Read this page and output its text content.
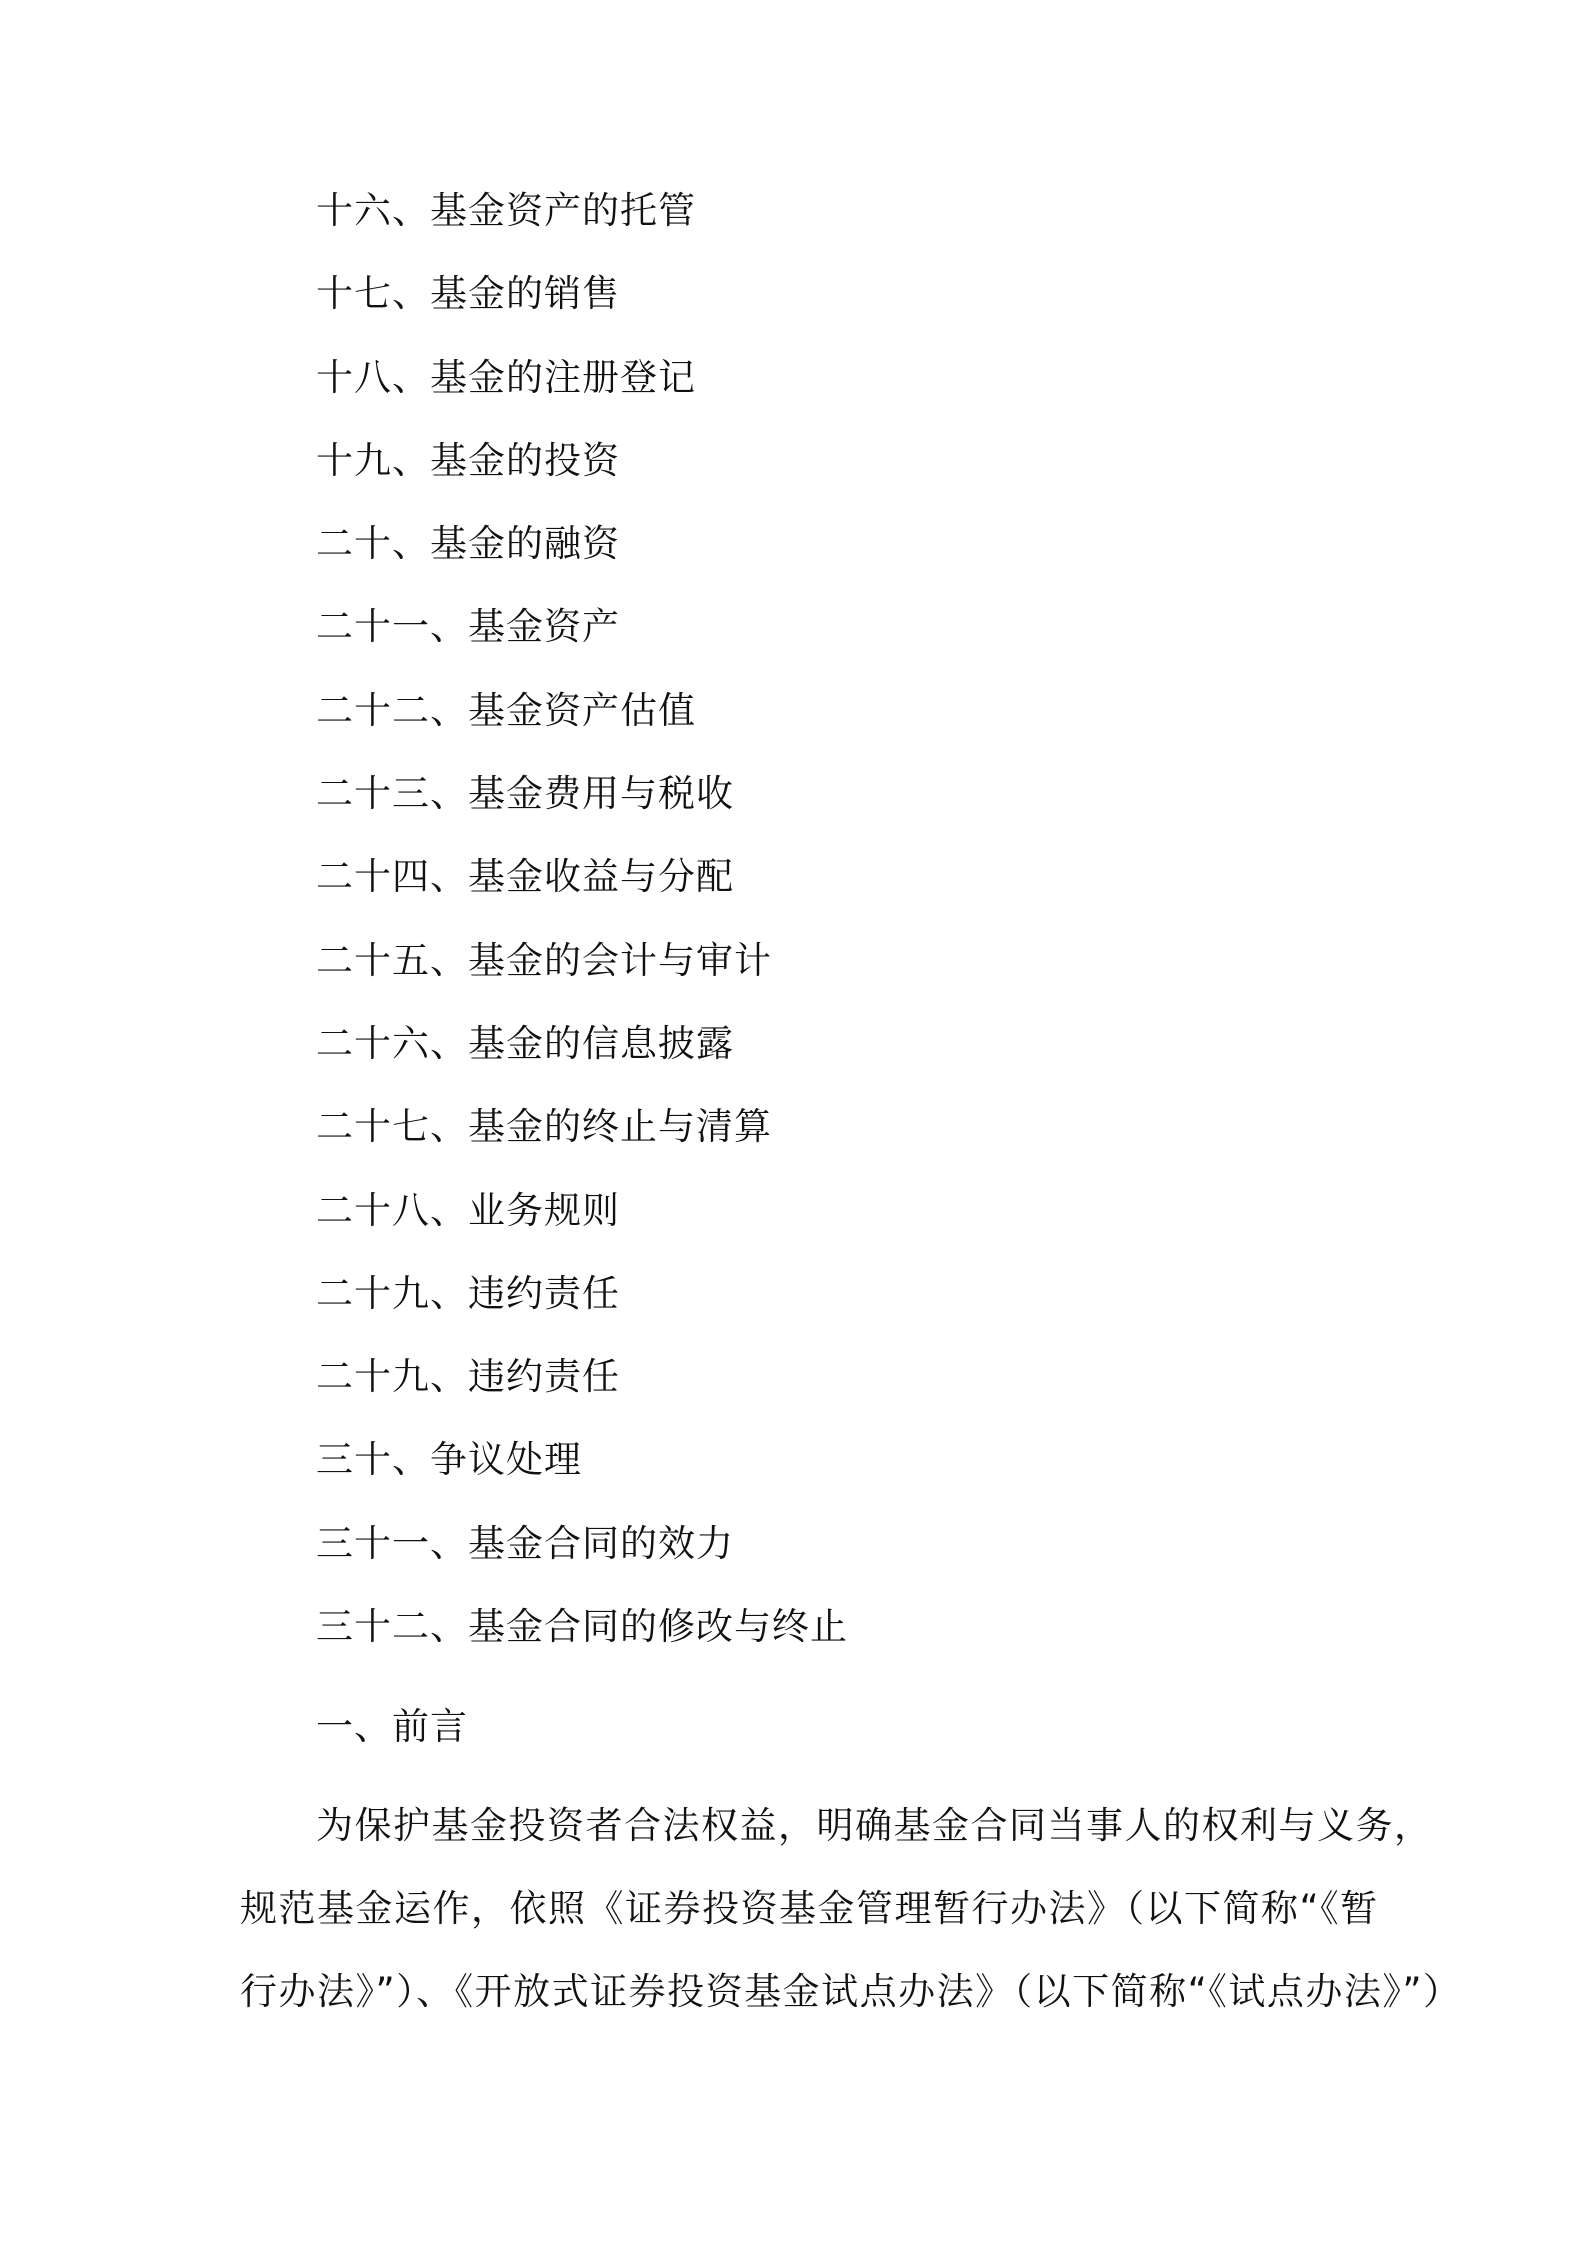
十六、基金资产的托管
十七、基金的销售
十八、基金的注册登记
十九、基金的投资
二十、基金的融资
二十一、基金资产
二十二、基金资产估值
二十三、基金费用与税收
二十四、基金收益与分配
二十五、基金的会计与审计
二十六、基金的信息披露
二十七、基金的终止与清算
二十八、业务规则
二十九、违约责任
二十九、违约责任
三十、争议处理
三十一、基金合同的效力
三十二、基金合同的修改与终止
一、前言

为保护基金投资者合法权益，明确基金合同当事人的权利与义务，
规范基金运作，依照《证券投资基金管理暂行办法》（以下简称“《暂
行办法》”）、《开放式证券投资基金试点办法》（以下简称“《试点办法》”）
